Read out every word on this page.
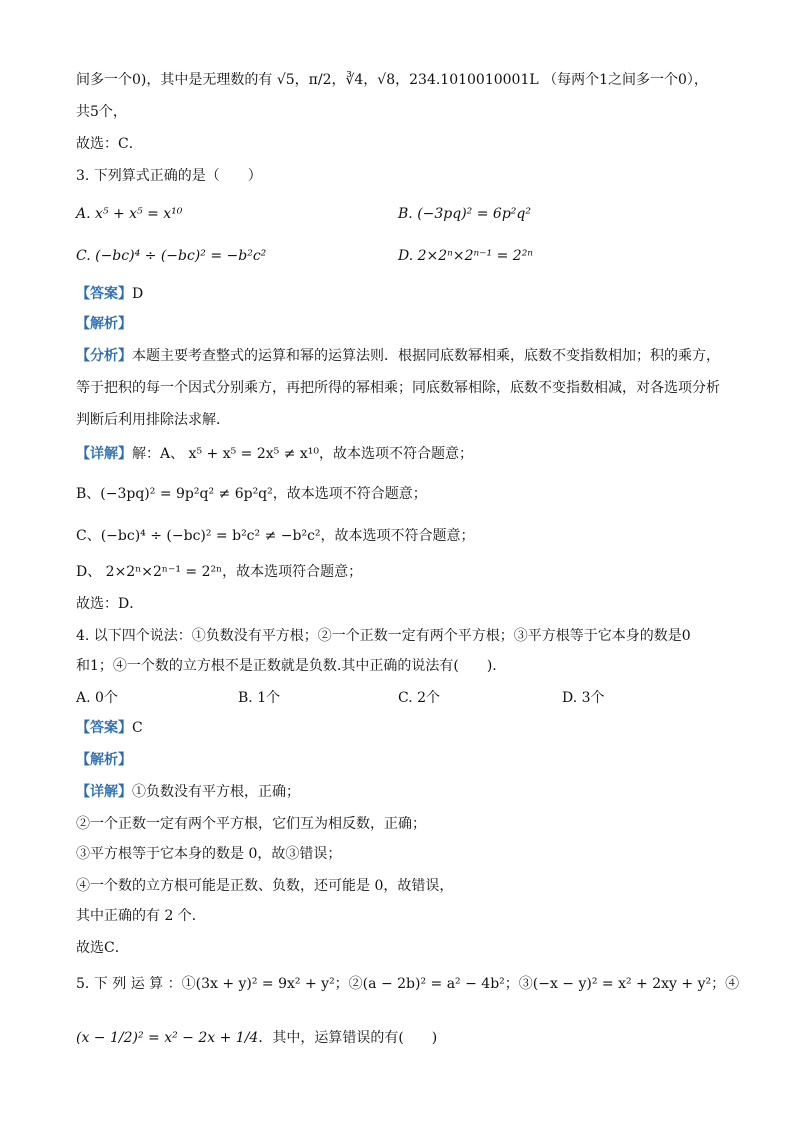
间多一个0)，其中是无理数的有 √5，π/2，∛4，√8，234.1010010001L （每两个1之间多一个0），
共5个，
故选：C．
3. 下列算式正确的是（　　）
A. x⁵ + x⁵ = x¹⁰	B. (−3pq)² = 6p²q²
C. (−bc)⁴ ÷ (−bc)² = −b²c²	D. 2×2ⁿ×2ⁿ⁻¹ = 2²ⁿ
【答案】D
【解析】
【分析】本题主要考查整式的运算和幂的运算法则．根据同底数幂相乘，底数不变指数相加；积的乘方，
等于把积的每一个因式分别乘方，再把所得的幂相乘；同底数幂相除，底数不变指数相减，对各选项分析
判断后利用排除法求解．
【详解】解：A、 x⁵ + x⁵ = 2x⁵ ≠ x¹⁰，故本选项不符合题意；
B、(−3pq)² = 9p²q² ≠ 6p²q²，故本选项不符合题意；
C、(−bc)⁴ ÷ (−bc)² = b²c² ≠ −b²c²，故本选项不符合题意；
D、 2×2ⁿ×2ⁿ⁻¹ = 2²ⁿ，故本选项符合题意；
故选：D．
4. 以下四个说法：①负数没有平方根；②一个正数一定有两个平方根；③平方根等于它本身的数是0
和1；④一个数的立方根不是正数就是负数.其中正确的说法有(　　).
A. 0个	B. 1个	C. 2个	D. 3个
【答案】C
【解析】
【详解】①负数没有平方根，正确；
②一个正数一定有两个平方根，它们互为相反数，正确；
③平方根等于它本身的数是 0，故③错误；
④一个数的立方根可能是正数、负数，还可能是 0，故错误，
其中正确的有 2 个．
故选C．
5. 下 列 运 算 ：①(3x + y)² = 9x² + y²；②(a − 2b)² = a² − 4b²；③(−x − y)² = x² + 2xy + y²；④
(x − 1/2)² = x² − 2x + 1/4．其中，运算错误的有(　　)
